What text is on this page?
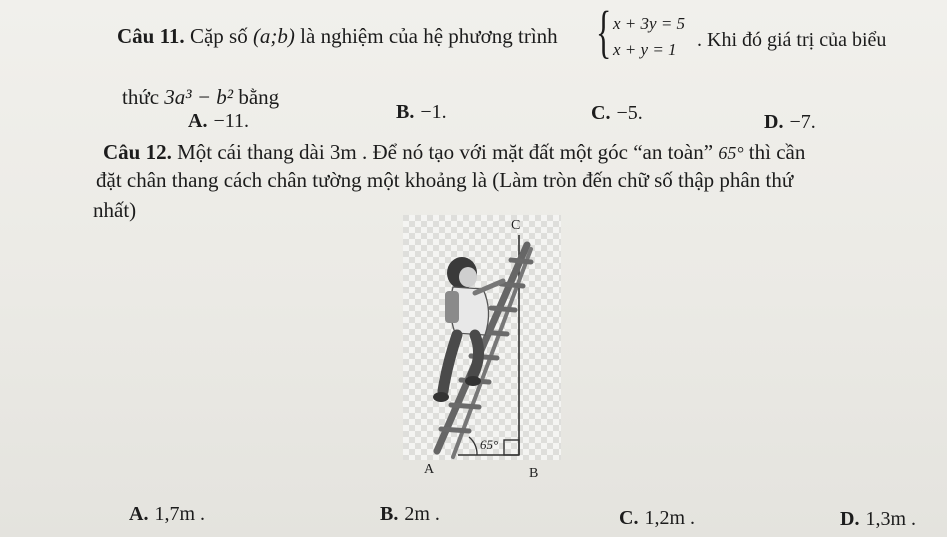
Câu 11. Cặp số (a;b) là nghiệm của hệ phương trình { x + 3y = 5
x + y = 1 . Khi đó giá trị của biểu
thức 3a³ − b² bằng
A. −11.	B. −1.	C. −5.	D. −7.
Câu 12. Một cái thang dài 3m . Để nó tạo với mặt đất một góc “an toàn” 65° thì cần
đặt chân thang cách chân tường một khoảng là (Làm tròn đến chữ số thập phân thứ
nhất)
65°
C
A	B
A. 1,7m .	B. 2m .	C. 1,2m .	D. 1,3m .
